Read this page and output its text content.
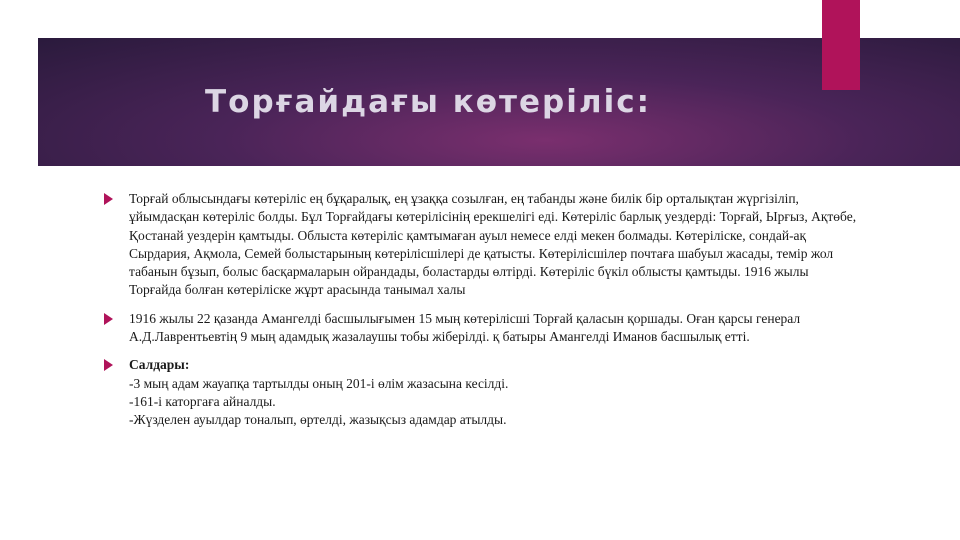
Торғайдағы көтеріліс:
Торғай облысындағы көтеріліс ең бұқаралық, ең ұзаққа созылған, ең табанды және билік бір орталықтан жүргізіліп, ұйымдасқан көтеріліс болды. Бұл Торғайдағы көтерілісінің ерекшелігі еді. Көтеріліс барлық уездерді: Торғай, Ырғыз, Ақтөбе, Қостанай уездерін қамтыды. Облыста көтеріліс қамтымаған ауыл немесе елді мекен болмады. Көтеріліске, сондай-ақ Сырдария, Ақмола, Семей болыстарының көтерілісшілері де қатысты. Көтерілісшілер почтаға шабуыл жасады, темір жол табанын бұзып, болыс басқармаларын ойрандады, боластарды өлтірді. Көтеріліс бүкіл облысты қамтыды. 1916 жылы Торғайда болған көтеріліске жұрт арасында танымал халы
1916 жылы 22 қазанда Амангелді басшылығымен 15 мың көтерілісші Торғай қаласын қоршады. Оған қарсы генерал А.Д.Лаврентьевтің 9 мың адамдық жазалаушы тобы жіберілді. қ батыры Амангелді Иманов басшылық етті.
Салдары:
-3 мың адам жауапқа тартылды оның 201-і өлім жазасына кесілді.
-161-і каторгаға айналды.
-Жүзделен ауылдар тоналып, өртелді, жазықсыз адамдар атылды.
